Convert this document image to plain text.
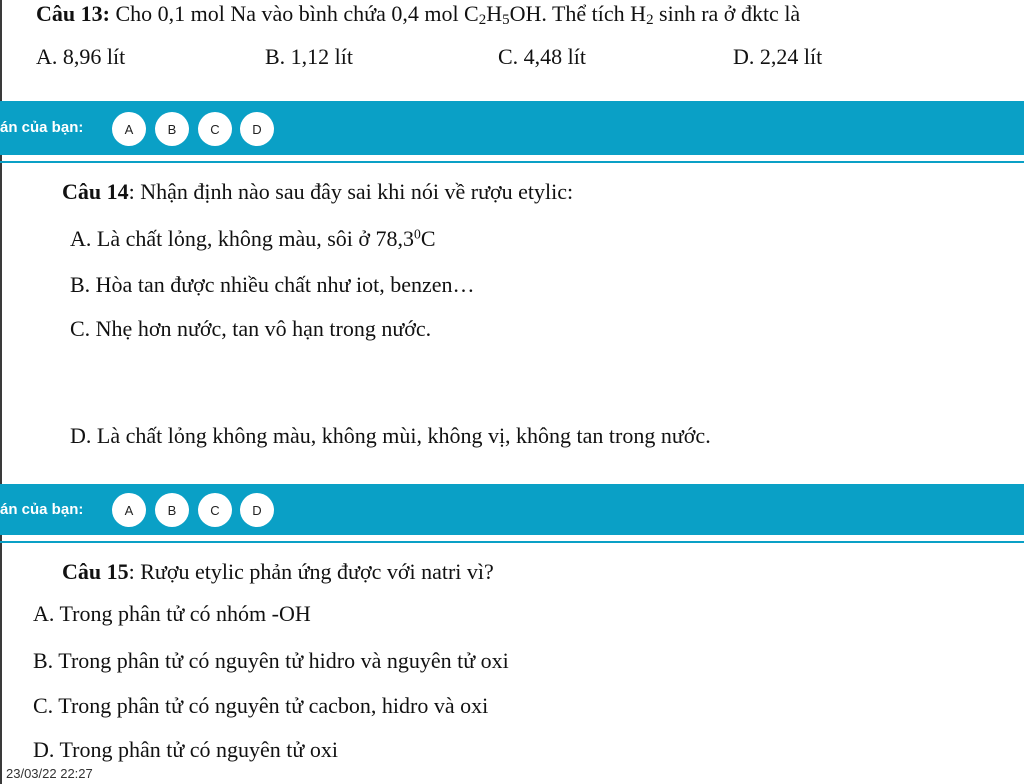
Câu 13: Cho 0,1 mol Na vào bình chứa 0,4 mol $C_2H_5OH$. Thể tích $H_2$ sinh ra ở đktc là
A. 8,96 lít	B. 1,12 lít	C. 4,48 lít	D. 2,24 lít
án của bạn:	A	B	C	D
Câu 14: Nhận định nào sau đây sai khi nói về rượu etylic:
A. Là chất lỏng, không màu, sôi ở 78,3$^0$C
B. Hòa tan được nhiều chất như iot, benzen…
C. Nhẹ hơn nước, tan vô hạn trong nước.
D. Là chất lỏng không màu, không mùi, không vị, không tan trong nước.
án của bạn:	A	B	C	D
Câu 15: Rượu etylic phản ứng được với natri vì?
A. Trong phân tử có nhóm -OH
B. Trong phân tử có nguyên tử hidro và nguyên tử oxi
C. Trong phân tử có nguyên tử cacbon, hidro và oxi
D. Trong phân tử có nguyên tử oxi
23/03/22 22:27
